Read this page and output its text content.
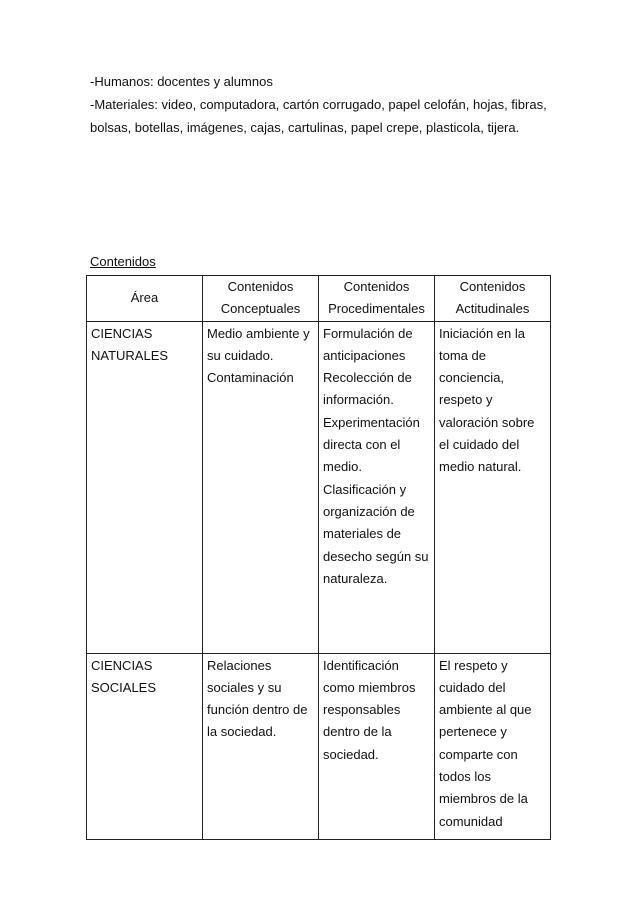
-Humanos: docentes y alumnos

-Materiales: video, computadora, cartón corrugado, papel celofán, hojas, fibras, bolsas, botellas, imágenes, cajas, cartulinas, papel crepe, plasticola, tijera.

Contenidos
Área	Contenidos Conceptuales	Contenidos Procedimentales	Contenidos Actitudinales
CIENCIAS NATURALES	Medio ambiente y su cuidado. Contaminación	Formulación de anticipaciones Recolección de información. Experimentación directa con el medio. Clasificación y organización de materiales de desecho según su naturaleza.	Iniciación en la toma de conciencia, respeto y valoración sobre el cuidado del medio natural.
CIENCIAS SOCIALES	Relaciones sociales y su función dentro de la sociedad.	Identificación como miembros responsables dentro de la sociedad.	El respeto y cuidado del ambiente al que pertenece y comparte con todos los miembros de la comunidad
